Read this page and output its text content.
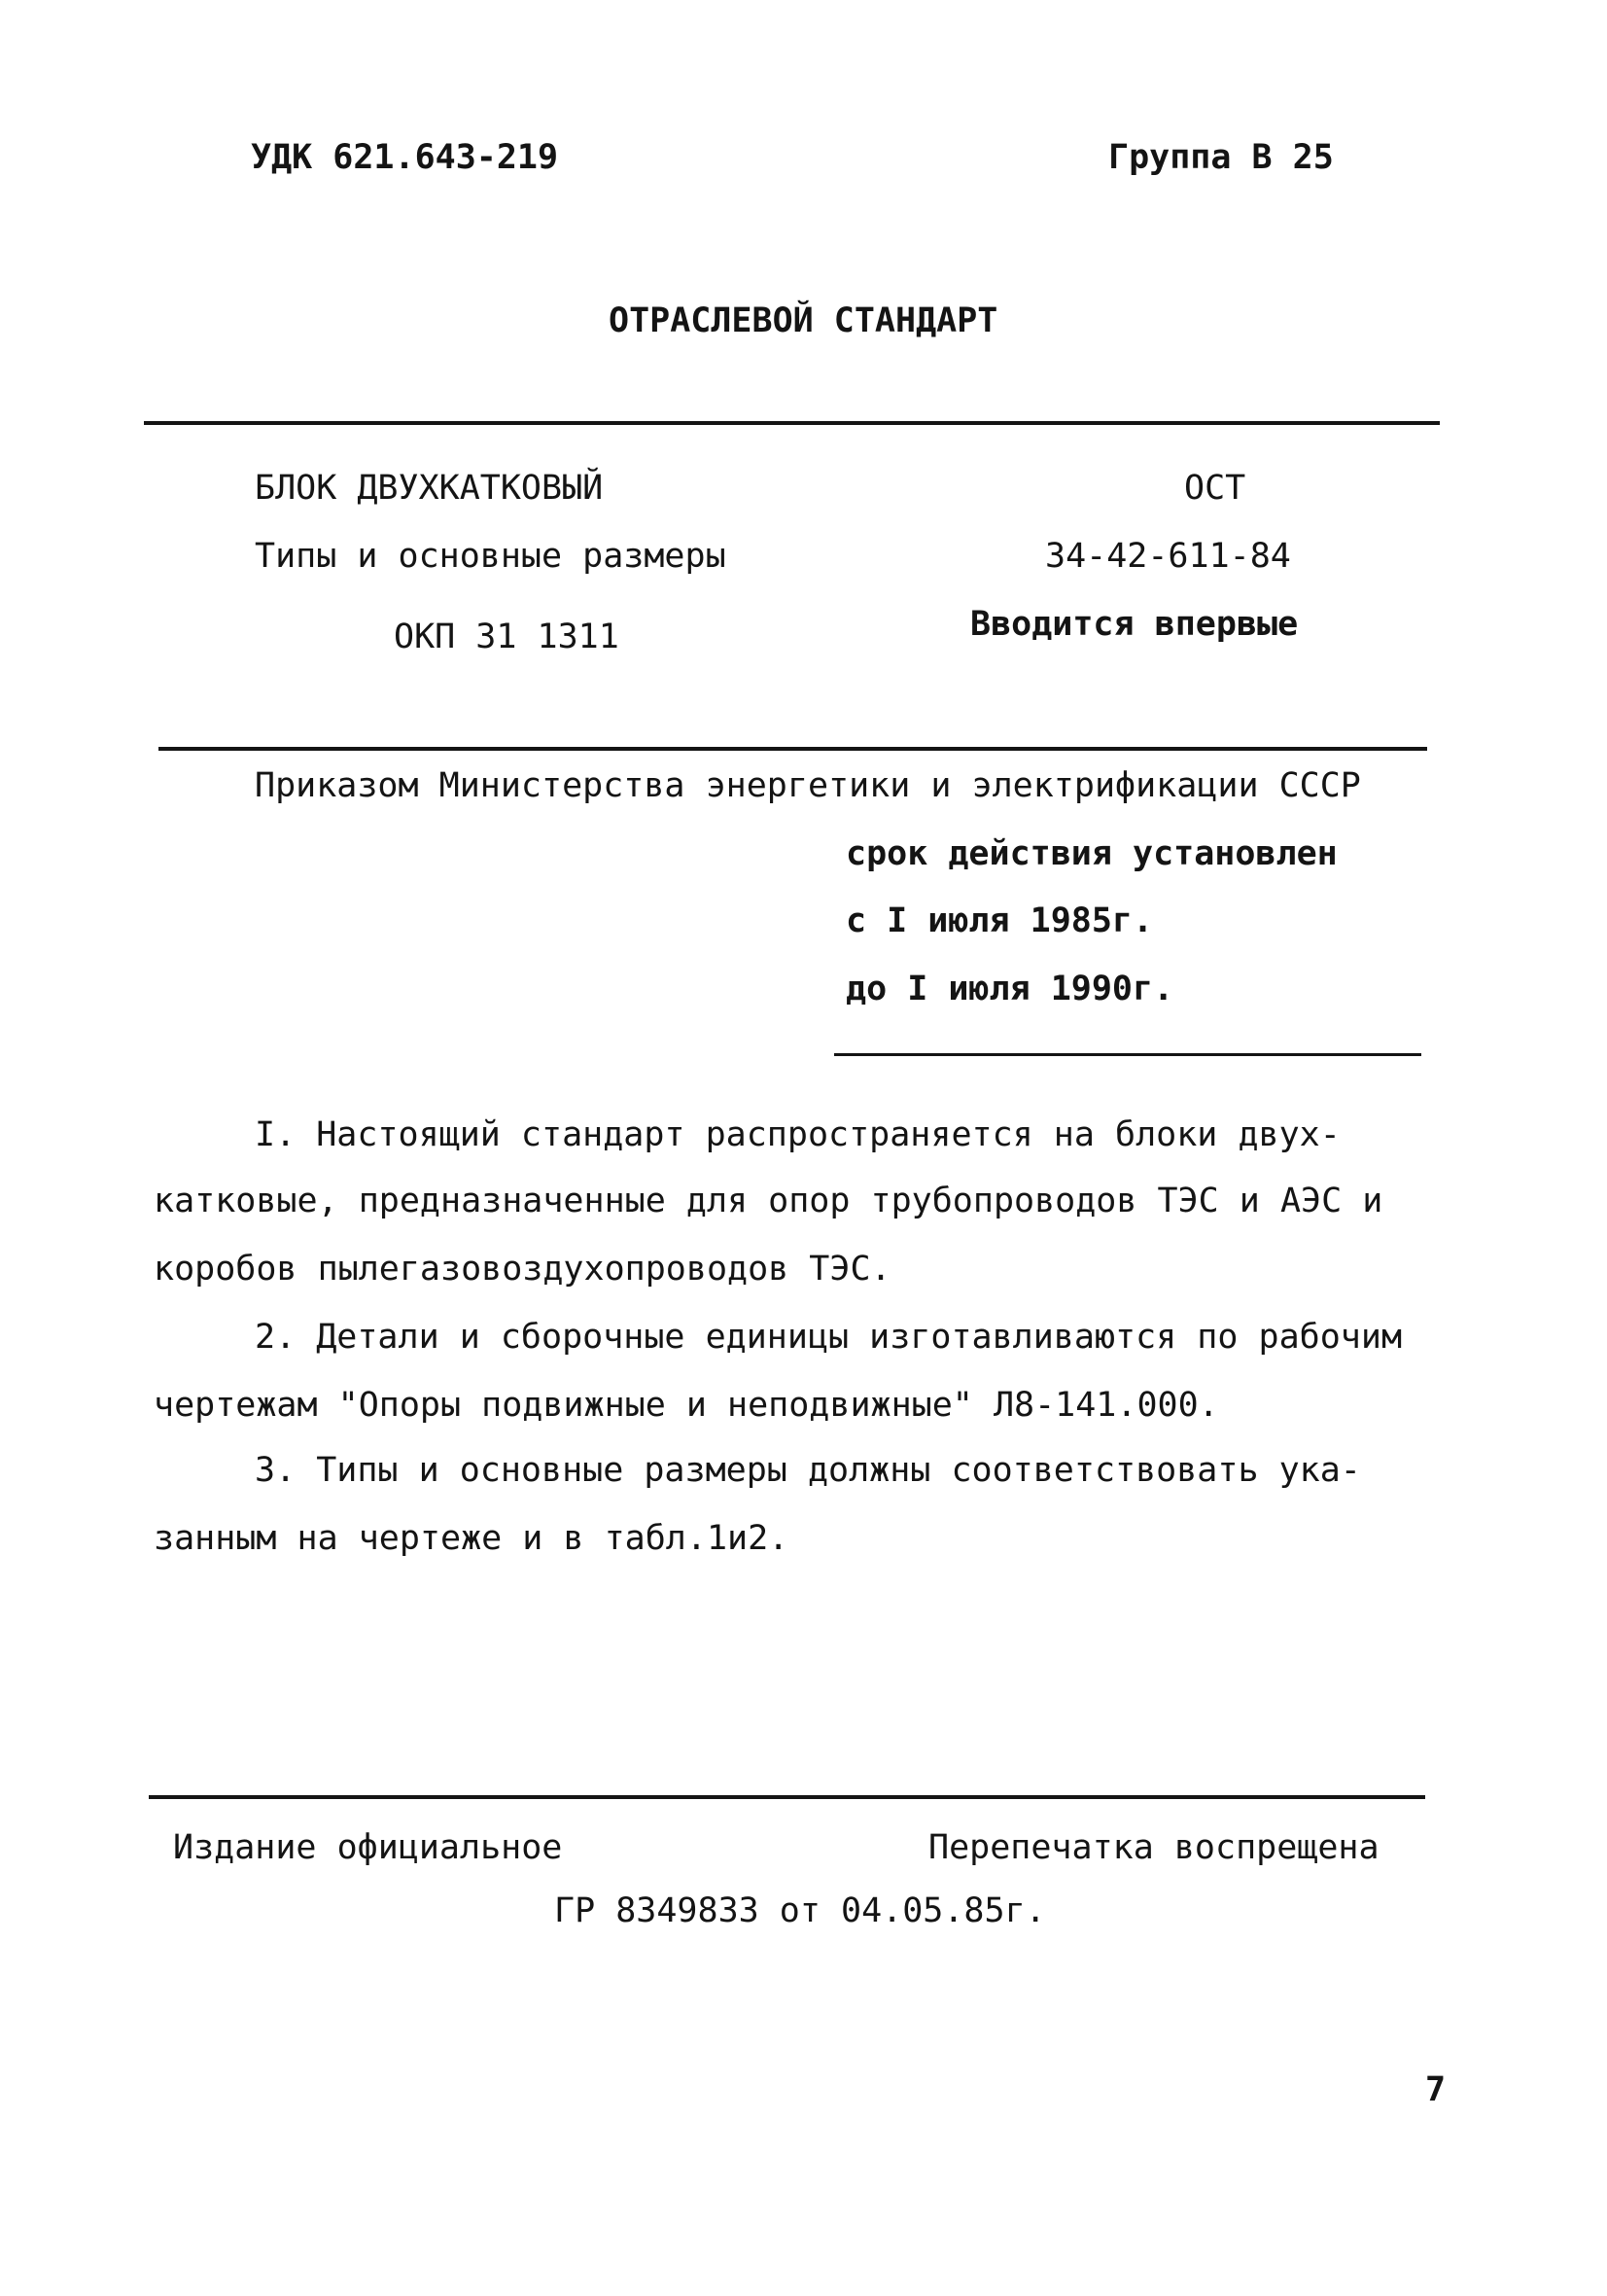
УДК 621.643-219	Группа В 25
ОТРАСЛЕВОЙ СТАНДАРТ
БЛОК ДВУХКАТКОВЫЙ
Типы и основные размеры
ОКП 31 1311
ОСТ
34-42-611-84
Вводится впервые
Приказом Министерства энергетики и электрификации СССР
срок действия установлен
с I июля 1985г.
до I июля 1990г.
I. Настоящий стандарт распространяется на блоки двух-
катковые, предназначенные для опор трубопроводов ТЭС и АЭС и
коробов пылегазовоздухопроводов ТЭС.
2. Детали и сборочные единицы изготавливаются по рабочим
чертежам "Опоры подвижные и неподвижные" Л8-141.000.
3. Типы и основные размеры должны соответствовать ука-
занным на чертеже и в табл.1и2.
Издание официальное	Перепечатка воспрещена
ГР 8349833 от 04.05.85г.
7
